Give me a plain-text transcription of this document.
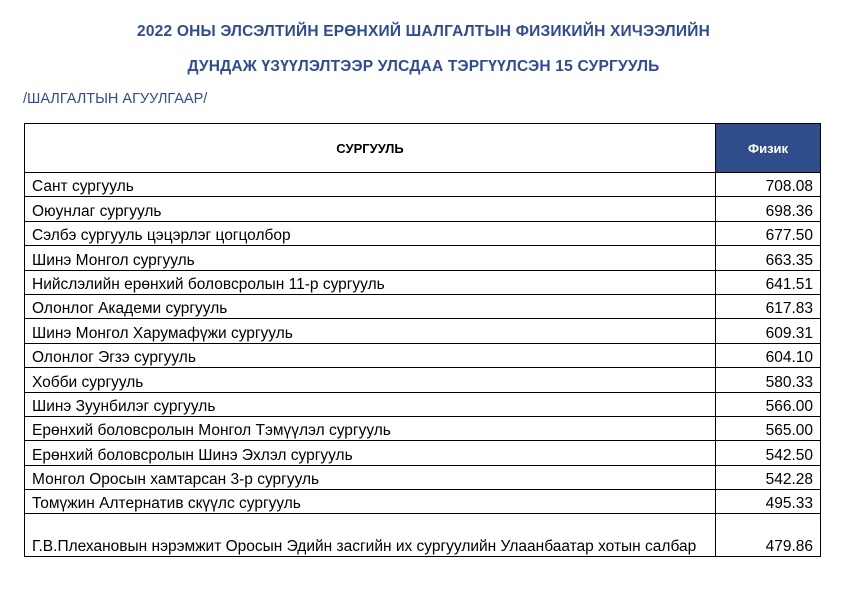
2022 ОНЫ ЭЛСЭЛТИЙН ЕРӨНХИЙ ШАЛГАЛТЫН ФИЗИКИЙН ХИЧЭЭЛИЙН
ДУНДАЖ ҮЗҮҮЛЭЛТЭЭР УЛСДАА ТЭРГҮҮЛСЭН 15 СУРГУУЛЬ
/ШАЛГАЛТЫН АГУУЛГААР/
СУРГУУЛЬ	Физик
Сант сургууль	708.08
Оюунлаг сургууль	698.36
Сэлбэ сургууль цэцэрлэг цогцолбор	677.50
Шинэ Монгол сургууль	663.35
Нийслэлийн ерөнхий боловсролын 11-р сургууль	641.51
Олонлог Академи сургууль	617.83
Шинэ Монгол Харумафүжи сургууль	609.31
Олонлог Эгзэ сургууль	604.10
Хобби сургууль	580.33
Шинэ Зуунбилэг сургууль	566.00
Ерөнхий боловсролын Монгол Тэмүүлэл сургууль	565.00
Ерөнхий боловсролын Шинэ Эхлэл сургууль	542.50
Монгол Оросын хамтарсан 3-р сургууль	542.28
Томүжин Алтернатив скүүлс сургууль	495.33
Г.В.Плехановын нэрэмжит Оросын Эдийн засгийн их сургуулийн Улаанбаатар хотын салбар	479.86
